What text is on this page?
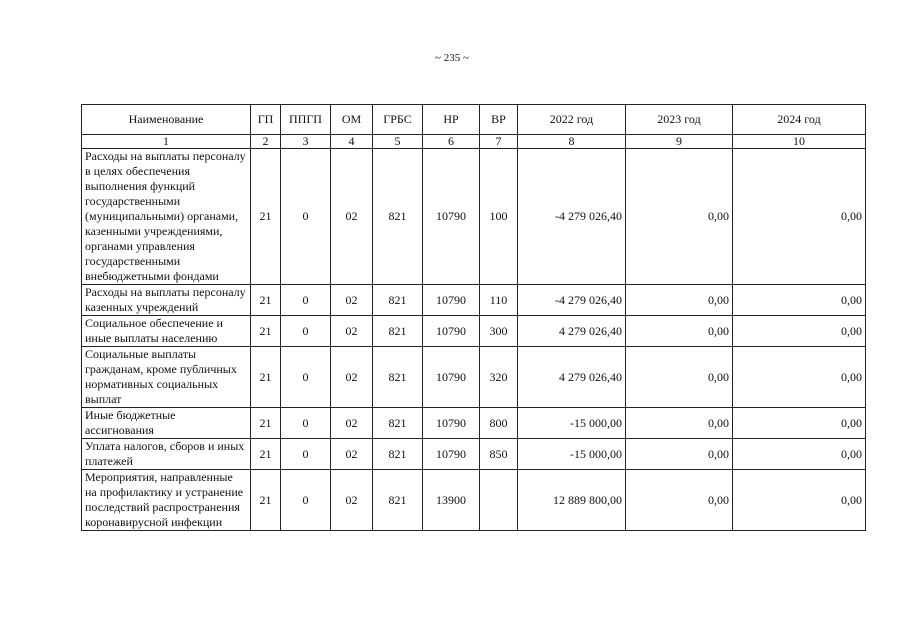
~ 235 ~
Наименование	ГП	ППГП	ОМ	ГРБС	НР	ВР	2022 год	2023 год	2024 год
1	2	3	4	5	6	7	8	9	10
Расходы на выплаты персоналу в целях обеспечения выполнения функций государственными (муниципальными) органами, казенными учреждениями, органами управления государственными внебюджетными фондами	21	0	02	821	10790	100	-4 279 026,40	0,00	0,00
Расходы на выплаты персоналу казенных учреждений	21	0	02	821	10790	110	-4 279 026,40	0,00	0,00
Социальное обеспечение и иные выплаты населению	21	0	02	821	10790	300	4 279 026,40	0,00	0,00
Социальные выплаты гражданам, кроме публичных нормативных социальных выплат	21	0	02	821	10790	320	4 279 026,40	0,00	0,00
Иные бюджетные ассигнования	21	0	02	821	10790	800	-15 000,00	0,00	0,00
Уплата налогов, сборов и иных платежей	21	0	02	821	10790	850	-15 000,00	0,00	0,00
Мероприятия, направленные на профилактику и устранение последствий распространения коронавирусной инфекции	21	0	02	821	13900		12 889 800,00	0,00	0,00
